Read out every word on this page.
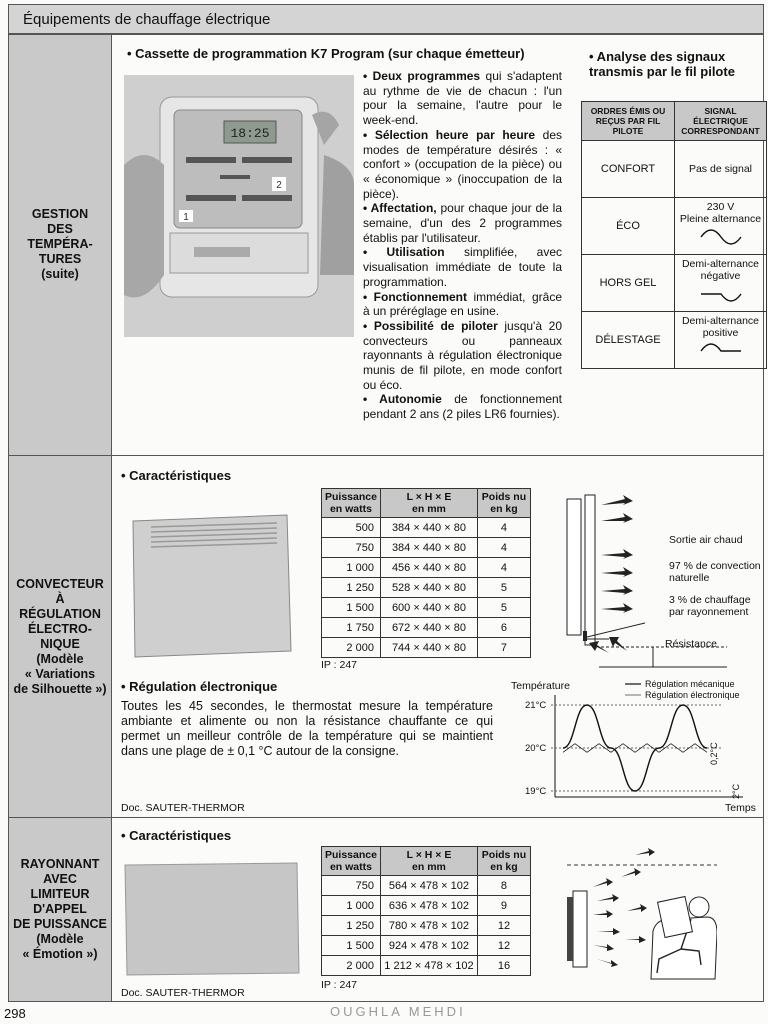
Équipements de chauffage électrique
GESTION
DES
TEMPÉRA-
TURES
(suite)
CONVECTEUR
À
RÉGULATION
ÉLECTRO-
NIQUE
(Modèle
« Variations
de Silhouette »)
RAYONNANT
AVEC
LIMITEUR
D'APPEL
DE PUISSANCE
(Modèle
« Émotion »)
• Cassette de programmation K7 Program (sur chaque émetteur)
18:25
1
2
• Deux programmes qui s'adaptent au rythme de vie de chacun : l'un pour la semaine, l'autre pour le week-end.
• Sélection heure par heure des modes de température désirés : « confort » (occupation de la pièce) ou « économique » (inoccupation de la pièce).
• Affectation, pour chaque jour de la semaine, d'un des 2 programmes établis par l'utilisateur.
• Utilisation simplifiée, avec visualisation immédiate de toute la programmation.
• Fonctionnement immédiat, grâce à un préréglage en usine.
• Possibilité de piloter jusqu'à 20 convecteurs ou panneaux rayonnants à régulation électronique munis de fil pilote, en mode confort ou éco.
• Autonomie de fonctionnement pendant 2 ans (2 piles LR6 fournies).
• Analyse des signaux transmis par le fil pilote
ORDRES ÉMIS OU REÇUS PAR FIL PILOTE	SIGNAL ÉLECTRIQUE CORRESPONDANT
CONFORT	Pas de signal

ÉCO	230 V
Pleine alternance

HORS GEL	Demi-alternance
négative

DÉLESTAGE	Demi-alternance
positive
• Caractéristiques
Puissance
en watts	L × H × E
en mm	Poids nu
en kg
500	384 × 440 × 80	4
750	384 × 440 × 80	4
1 000	456 × 440 × 80	4
1 250	528 × 440 × 80	5
1 500	600 × 440 × 80	5
1 750	672 × 440 × 80	6
2 000	744 × 440 × 80	7
IP : 247
Sortie air chaud
97 % de convection
naturelle
3 % de chauffage
par rayonnement
Résistance
• Régulation électronique
Toutes les 45 secondes, le thermostat mesure la température ambiante et alimente ou non la résistance chauffante ce qui permet un meilleur contrôle de la température qui se maintient dans une plage de ± 0,1 °C autour de la consigne.
Doc. SAUTER-THERMOR
Température	Régulation mécanique
Régulation électronique
21°C
20°C
19°C
Temps
0,2°C
2°C
• Caractéristiques
Puissance
en watts	L × H × E
en mm	Poids nu
en kg
750	564 × 478 × 102	8
1 000	636 × 478 × 102	9
1 250	780 × 478 × 102	12
1 500	924 × 478 × 102	12
2 000	1 212 × 478 × 102	16
IP : 247
Doc. SAUTER-THERMOR
298	OUGHLA MEHDI
